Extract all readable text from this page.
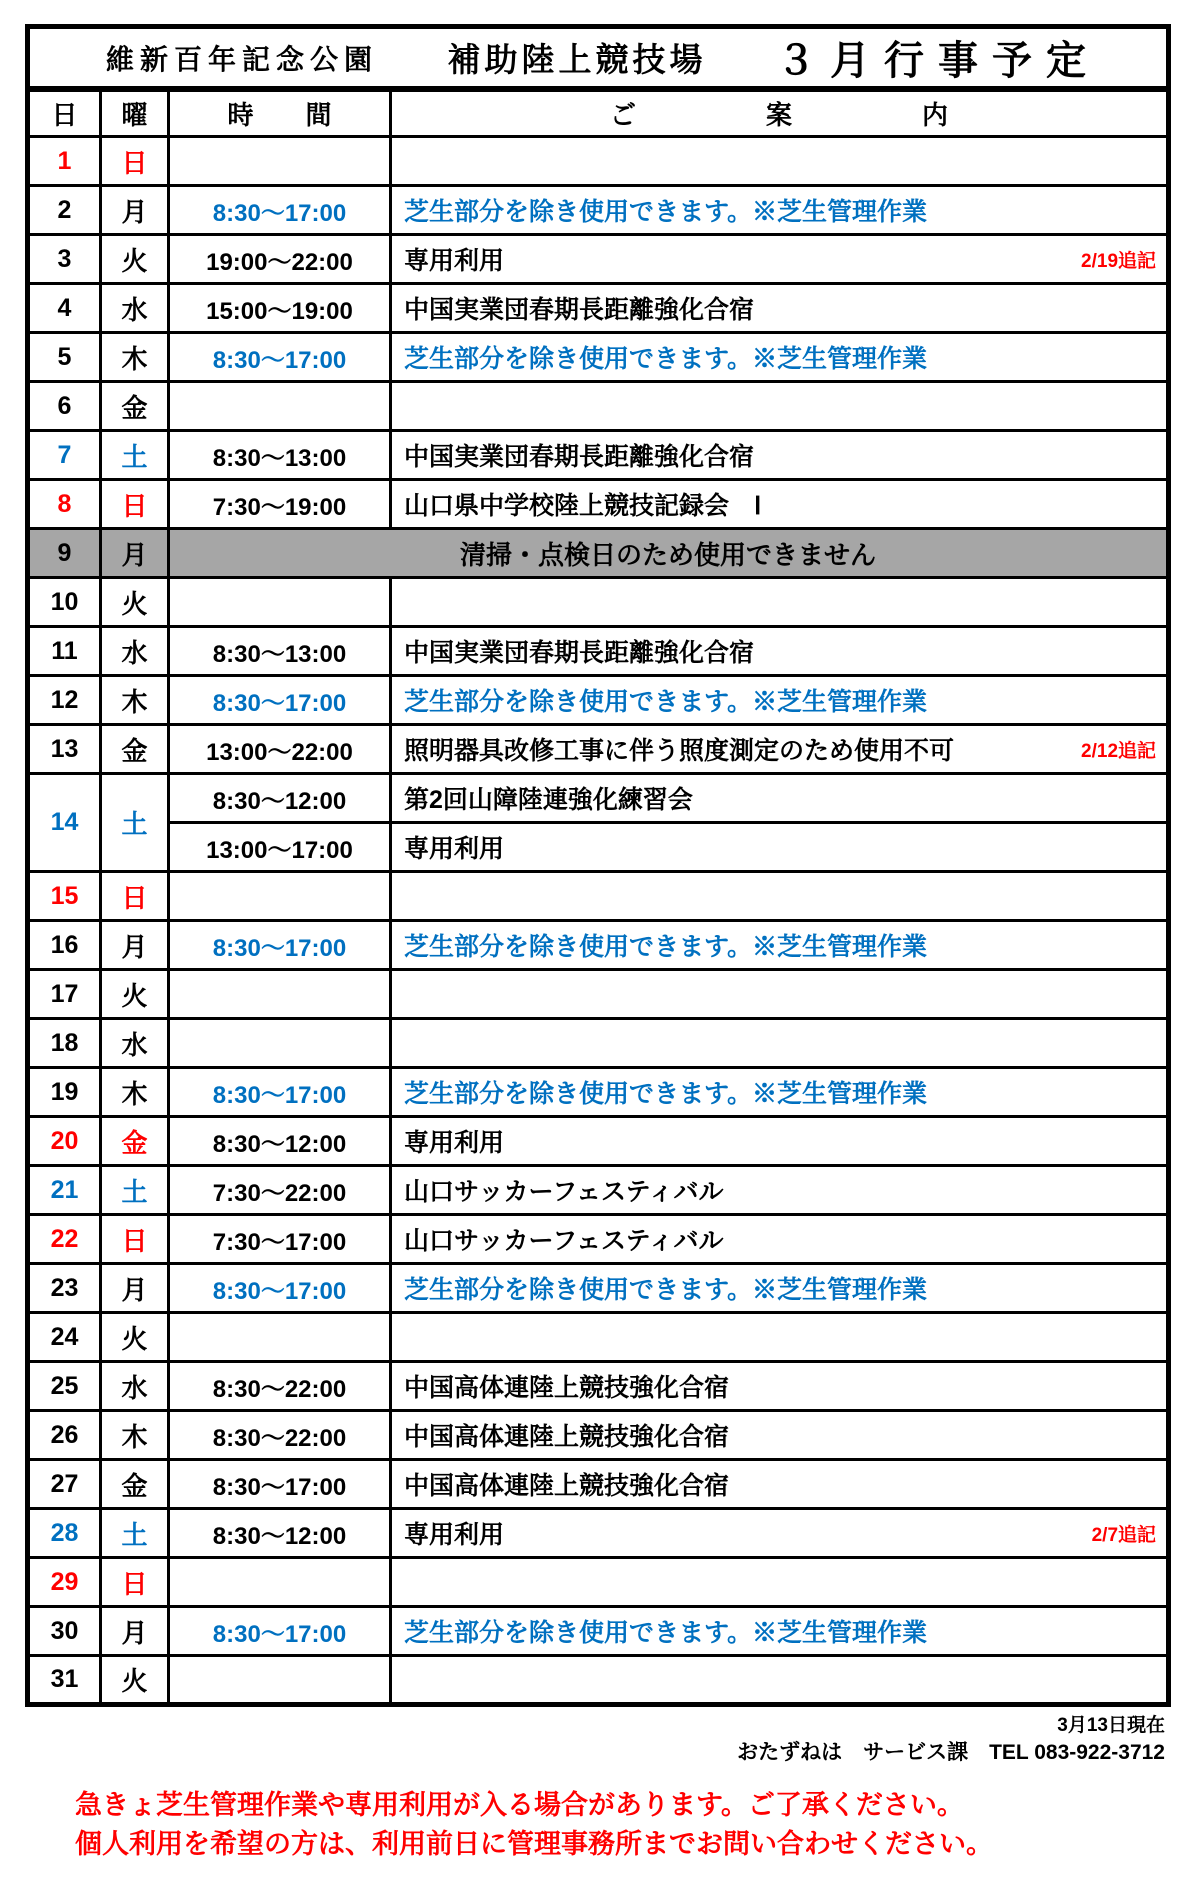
維新百年記念公園 補助陸上競技場 ３月行事予定			

日	曜	時　　間	ご　　　　　案　　　　　内
1	日		

2	月	8:30～17:00	芝生部分を除き使用できます。※芝生管理作業

3	火	19:00～22:00	専用利用 2/19追記

4	水	15:00～19:00	中国実業団春期長距離強化合宿

5	木	8:30～17:00	芝生部分を除き使用できます。※芝生管理作業

6	金		

7	土	8:30～13:00	中国実業団春期長距離強化合宿

8	日	7:30～19:00	山口県中学校陸上競技記録会　Ⅰ

9	月	清掃・点検日のため使用できません	
10	火		

11	水	8:30～13:00	中国実業団春期長距離強化合宿

12	木	8:30～17:00	芝生部分を除き使用できます。※芝生管理作業

13	金	13:00～22:00	照明器具改修工事に伴う照度測定のため使用不可 2/12追記

14	土	8:30～12:00	第2回山障陸連強化練習会

		13:00～17:00	専用利用

15	日		

16	月	8:30～17:00	芝生部分を除き使用できます。※芝生管理作業

17	火		

18	水		

19	木	8:30～17:00	芝生部分を除き使用できます。※芝生管理作業

20	金	8:30～12:00	専用利用

21	土	7:30～22:00	山口サッカーフェスティバル

22	日	7:30～17:00	山口サッカーフェスティバル

23	月	8:30～17:00	芝生部分を除き使用できます。※芝生管理作業

24	火		

25	水	8:30～22:00	中国高体連陸上競技強化合宿

26	木	8:30～22:00	中国高体連陸上競技強化合宿

27	金	8:30～17:00	中国高体連陸上競技強化合宿

28	土	8:30～12:00	専用利用 2/7追記

29	日		

30	月	8:30～17:00	芝生部分を除き使用できます。※芝生管理作業

31	火		
3月13日現在
おたずねは　サービス課　TEL 083-922-3712
急きょ芝生管理作業や専用利用が入る場合があります。ご了承ください。
個人利用を希望の方は、利用前日に管理事務所までお問い合わせください。
